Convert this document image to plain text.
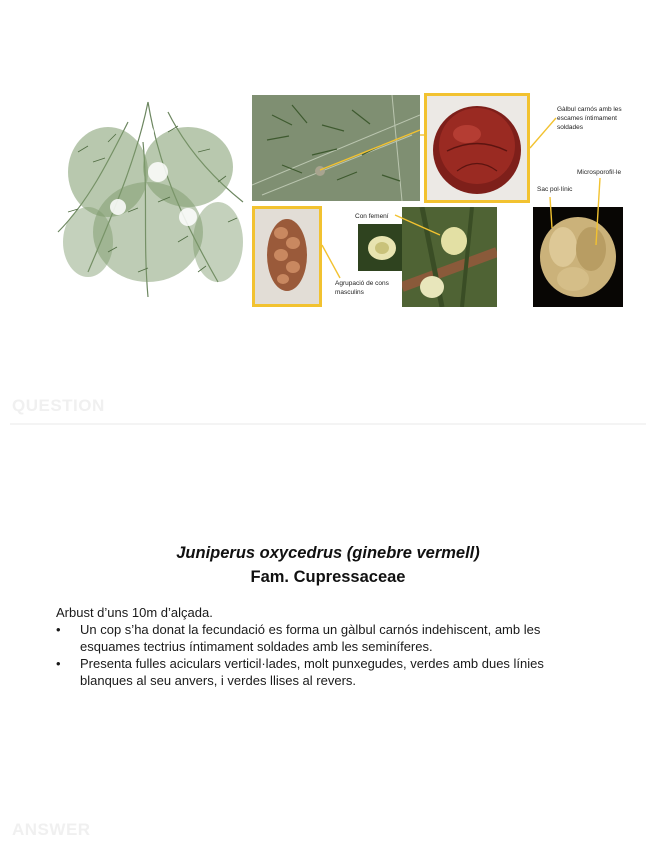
Gàlbul carnós amb les escames íntimament soldades
Microsporofil·le
Sac pol·línic
Con femení
Agrupació de cons masculins
QUESTION
ANSWER
Juniperus oxycedrus (ginebre vermell)
Fam. Cupressaceae

Arbust d’uns 10m d’alçada.

• Un cop s’ha donat la fecundació es forma un gàlbul carnós indehiscent, amb les esquames tectrius íntimament soldades amb les seminíferes.
• Presenta fulles aciculars verticil·lades, molt punxegudes, verdes amb dues línies blanques al seu anvers, i verdes llises al revers.
